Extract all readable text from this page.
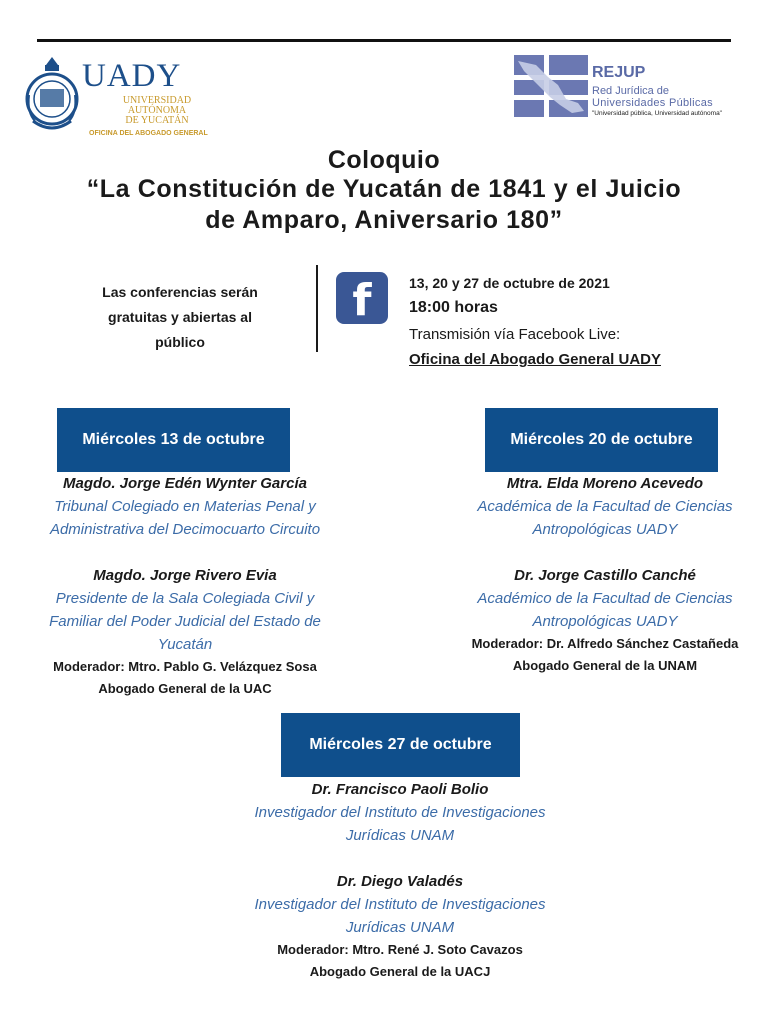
UADY
UNIVERSIDAD
AUTÓNOMA
DE YUCATÁN
OFICINA DEL ABOGADO GENERAL
REJUP
Red Jurídica de
Universidades Públicas
"Universidad pública, Universidad autónoma"
Coloquio
“La Constitución de Yucatán de 1841 y el Juicio
de Amparo, Aniversario 180”
Las conferencias serán
gratuitas y abiertas al
público
f	13, 20 y 27 de octubre de 2021
18:00 horas
Transmisión vía Facebook Live:
Oficina del Abogado General UADY
Miércoles 13 de octubre
Magdo. Jorge Edén Wynter García
Tribunal Colegiado en Materias Penal y
Administrativa del Decimocuarto Circuito
Magdo. Jorge Rivero Evia
Presidente de la Sala Colegiada Civil y
Familiar del Poder Judicial del Estado de
Yucatán
Moderador: Mtro. Pablo G. Velázquez Sosa
Abogado General de la UAC
Miércoles 20 de octubre
Mtra. Elda Moreno Acevedo
Académica de la Facultad de Ciencias
Antropológicas UADY
Dr. Jorge Castillo Canché
Académico de la Facultad de Ciencias
Antropológicas UADY
Moderador: Dr. Alfredo Sánchez Castañeda
Abogado General de la UNAM
Miércoles 27 de octubre
Dr. Francisco Paoli Bolio
Investigador del Instituto de Investigaciones
Jurídicas UNAM
Dr. Diego Valadés
Investigador del Instituto de Investigaciones
Jurídicas UNAM
Moderador: Mtro. René J. Soto Cavazos
Abogado General de la UACJ
